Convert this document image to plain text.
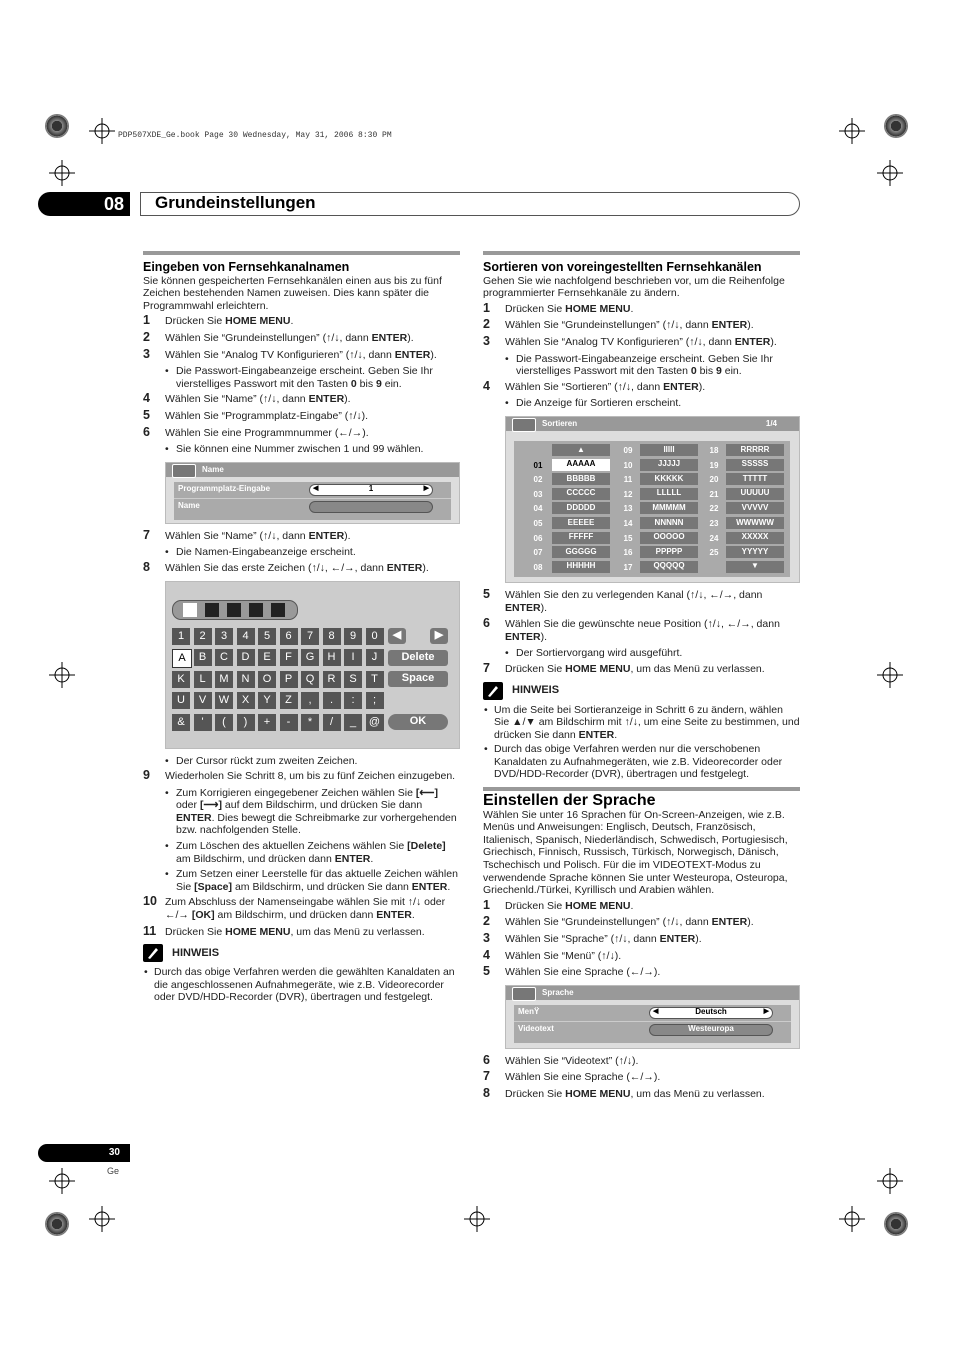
PDP507XDE_Ge.book Page 30 Wednesday, May 31, 2006 8:30 PM
08	Grundeinstellungen
Eingeben von Fernsehkanalnamen

Sie können gespeicherten Fernsehkanälen einen aus bis zu fünf Zeichen bestehenden Namen zuweisen. Dies kann später die Programmwahl erleichtern.

1 Drücken Sie HOME MENU.
2 Wählen Sie “Grundeinstellungen” (↑/↓, dann ENTER).
3 Wählen Sie “Analog TV Konfigurieren” (↑/↓, dann ENTER).
• Die Passwort-Eingabeanzeige erscheint. Geben Sie Ihr vierstelliges Passwort mit den Tasten 0 bis 9 ein.
4 Wählen Sie “Name” (↑/↓, dann ENTER).
5 Wählen Sie “Programmplatz-Eingabe” (↑/↓).
6 Wählen Sie eine Programmnummer (←/→).
• Sie können eine Nummer zwischen 1 und 99 wählen.
Name
Programmplatz-Eingabe	◀	1	▶
Name
7 Wählen Sie “Name” (↑/↓, dann ENTER).
• Die Namen-Eingabeanzeige erscheint.
8 Wählen Sie das erste Zeichen (↑/↓, ←/→, dann ENTER).
◀	▶
Delete
Space
OK
1	2	3	4	5	6	7	8	9	0
A	B	C	D	E	F	G	H	I	J
K	L	M	N	O	P	Q	R	S	T
U	V	W	X	Y	Z	,	.	:	;
&	'	(	)	+	-	*	/	_	@
• Der Cursor rückt zum zweiten Zeichen.
9 Wiederholen Sie Schritt 8, um bis zu fünf Zeichen einzugeben.
• Zum Korrigieren eingegebener Zeichen wählen Sie [⟵] oder [⟶] auf dem Bildschirm, und drücken Sie dann ENTER. Dies bewegt die Schreibmarke zur vorhergehenden bzw. nachfolgenden Stelle.
• Zum Löschen des aktuellen Zeichens wählen Sie [Delete] am Bildschirm, und drücken dann ENTER.
• Zum Setzen einer Leerstelle für das aktuelle Zeichen wählen Sie [Space] am Bildschirm, und drücken Sie dann ENTER.
10 Zum Abschluss der Namenseingabe wählen Sie mit ↑/↓ oder ←/→ [OK] am Bildschirm, und drücken dann ENTER.
11 Drücken Sie HOME MENU, um das Menü zu verlassen.
HINWEIS
• Durch das obige Verfahren werden die gewählten Kanaldaten an die angeschlossenen Aufnahmegeräte, wie z.B. Videorecorder oder DVD/HDD-Recorder (DVR), übertragen und festgelegt.
Sortieren von voreingestellten Fernsehkanälen

Gehen Sie wie nachfolgend beschrieben vor, um die Reihenfolge programmierter Fernsehkanäle zu ändern.

1 Drücken Sie HOME MENU.
2 Wählen Sie “Grundeinstellungen” (↑/↓, dann ENTER).
3 Wählen Sie “Analog TV Konfigurieren” (↑/↓, dann ENTER).
• Die Passwort-Eingabeanzeige erscheint. Geben Sie Ihr vierstelliges Passwort mit den Tasten 0 bis 9 ein.
4 Wählen Sie “Sortieren” (↑/↓, dann ENTER).
• Die Anzeige für Sortieren erscheint.
Sortieren	1/4
▲
01	AAAAA
02	BBBBB
03	CCCCC
04	DDDDD
05	EEEEE
06	FFFFF
07	GGGGG
08	HHHHH
09	IIIII
10	JJJJJ
11	KKKKK
12	LLLLL
13	MMMMM
14	NNNNN
15	OOOOO
16	PPPPP
17	QQQQQ
18	RRRRR
19	SSSSS
20	TTTTT
21	UUUUU
22	VVVVV
23	WWWWW
24	XXXXX
25	YYYYY
▼
5 Wählen Sie den zu verlegenden Kanal (↑/↓, ←/→, dann ENTER).
6 Wählen Sie die gewünschte neue Position (↑/↓, ←/→, dann ENTER).
• Der Sortiervorgang wird ausgeführt.
7 Drücken Sie HOME MENU, um das Menü zu verlassen.
HINWEIS
• Um die Seite bei Sortieranzeige in Schritt 6 zu ändern, wählen Sie ▲/▼ am Bildschirm mit ↑/↓, um eine Seite zu bestimmen, und drücken Sie dann ENTER.
• Durch das obige Verfahren werden nur die verschobenen Kanaldaten zu Aufnahmegeräten, wie z.B. Videorecorder oder DVD/HDD-Recorder (DVR), übertragen und festgelegt.
Einstellen der Sprache

Wählen Sie unter 16 Sprachen für On-Screen-Anzeigen, wie z.B. Menüs und Anweisungen: Englisch, Deutsch, Französisch, Italienisch, Spanisch, Niederländisch, Schwedisch, Portugiesisch, Griechisch, Finnisch, Russisch, Türkisch, Norwegisch, Dänisch, Tschechisch und Polisch. Für die im VIDEOTEXT-Modus zu verwendende Sprache können Sie unter Westeuropa, Osteuropa, Griechenld./Türkei, Kyrillisch und Arabien wählen.

1 Drücken Sie HOME MENU.
2 Wählen Sie “Grundeinstellungen” (↑/↓, dann ENTER).
3 Wählen Sie “Sprache” (↑/↓, dann ENTER).
4 Wählen Sie “Menü” (↑/↓).
5 Wählen Sie eine Sprache (←/→).
Sprache
MenŸ	◀	Deutsch	▶
Videotext	Westeuropa
6 Wählen Sie “Videotext” (↑/↓).
7 Wählen Sie eine Sprache (←/→).
8 Drücken Sie HOME MENU, um das Menü zu verlassen.
30
Ge
